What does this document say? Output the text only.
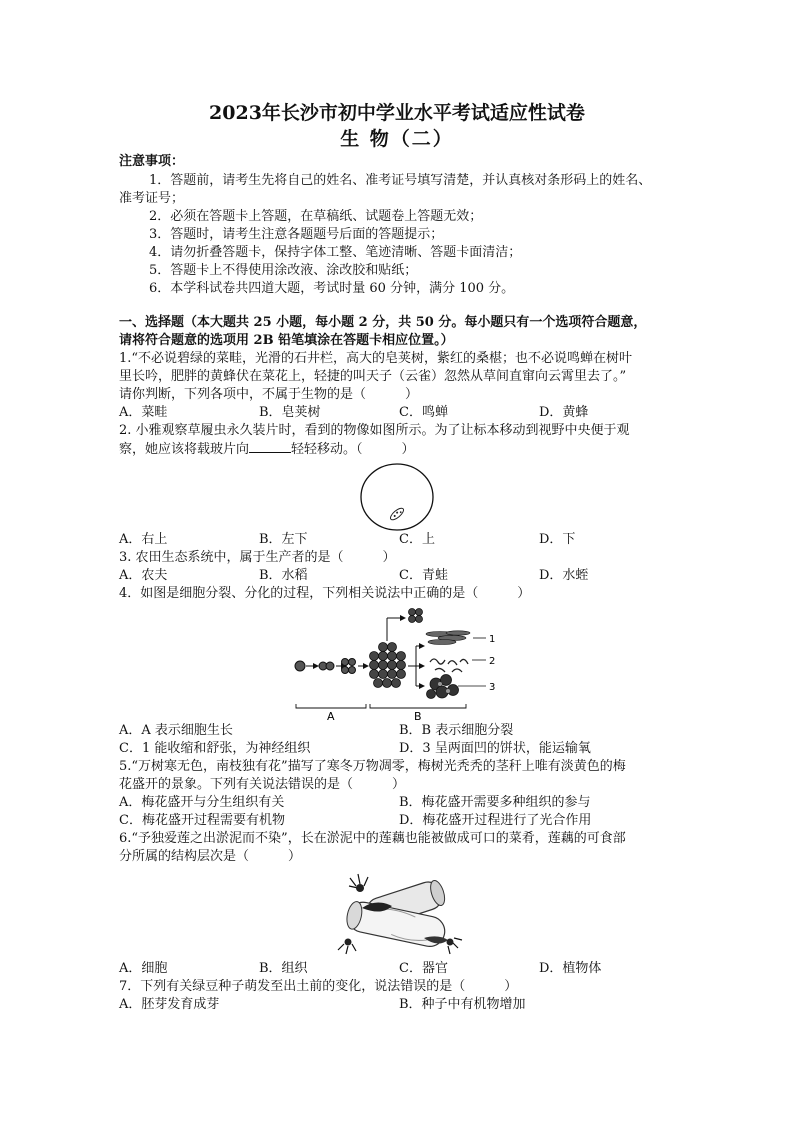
2023年长沙市初中学业水平考试适应性试卷
生 物（二）
注意事项：
1．答题前，请考生先将自己的姓名、准考证号填写清楚，并认真核对条形码上的姓名、
准考证号；
2．必须在答题卡上答题，在草稿纸、试题卷上答题无效；
3．答题时，请考生注意各题题号后面的答题提示；
4．请勿折叠答题卡，保持字体工整、笔迹清晰、答题卡面清洁；
5．答题卡上不得使用涂改液、涂改胶和贴纸；
6．本学科试卷共四道大题，考试时量 60 分钟，满分 100 分。
一、选择题（本大题共 25 小题，每小题 2 分，共 50 分。每小题只有一个选项符合题意，
请将符合题意的选项用 2B 铅笔填涂在答题卡相应位置。）
1.“不必说碧绿的菜畦，光滑的石井栏，高大的皂荚树，紫红的桑椹；也不必说鸣蝉在树叶
里长吟，肥胖的黄蜂伏在菜花上，轻捷的叫天子（云雀）忽然从草间直窜向云霄里去了。”
请你判断，下列各项中，不属于生物的是（　　　）
A．菜畦	B．皂荚树	C．鸣蝉	D．黄蜂
2. 小雅观察草履虫永久装片时，看到的物像如图所示。为了让标本移动到视野中央便于观
察，她应该将载玻片向	轻轻移动。（　　　）
A．右上	B．左下	C．上	D．下
3. 农田生态系统中，属于生产者的是（　　　）
A．农夫	B．水稻	C．青蛙	D．水蛭
4．如图是细胞分裂、分化的过程，下列相关说法中正确的是（　　　）
1
2
3
A	B
A．A 表示细胞生长	B．B 表示细胞分裂
C．1 能收缩和舒张，为神经组织	D．3 呈两面凹的饼状，能运输氧
5.“万树寒无色，南枝独有花”描写了寒冬万物凋零，梅树光秃秃的茎秆上唯有淡黄色的梅
花盛开的景象。下列有关说法错误的是（　　　）
A．梅花盛开与分生组织有关	B．梅花盛开需要多种组织的参与
C．梅花盛开过程需要有机物	D．梅花盛开过程进行了光合作用
6.“予独爱莲之出淤泥而不染”，长在淤泥中的莲藕也能被做成可口的菜肴，莲藕的可食部
分所属的结构层次是（　　　）
A．细胞	B．组织	C．器官	D．植物体
7．下列有关绿豆种子萌发至出土前的变化，说法错误的是（　　　）
A．胚芽发育成芽	B．种子中有机物增加
